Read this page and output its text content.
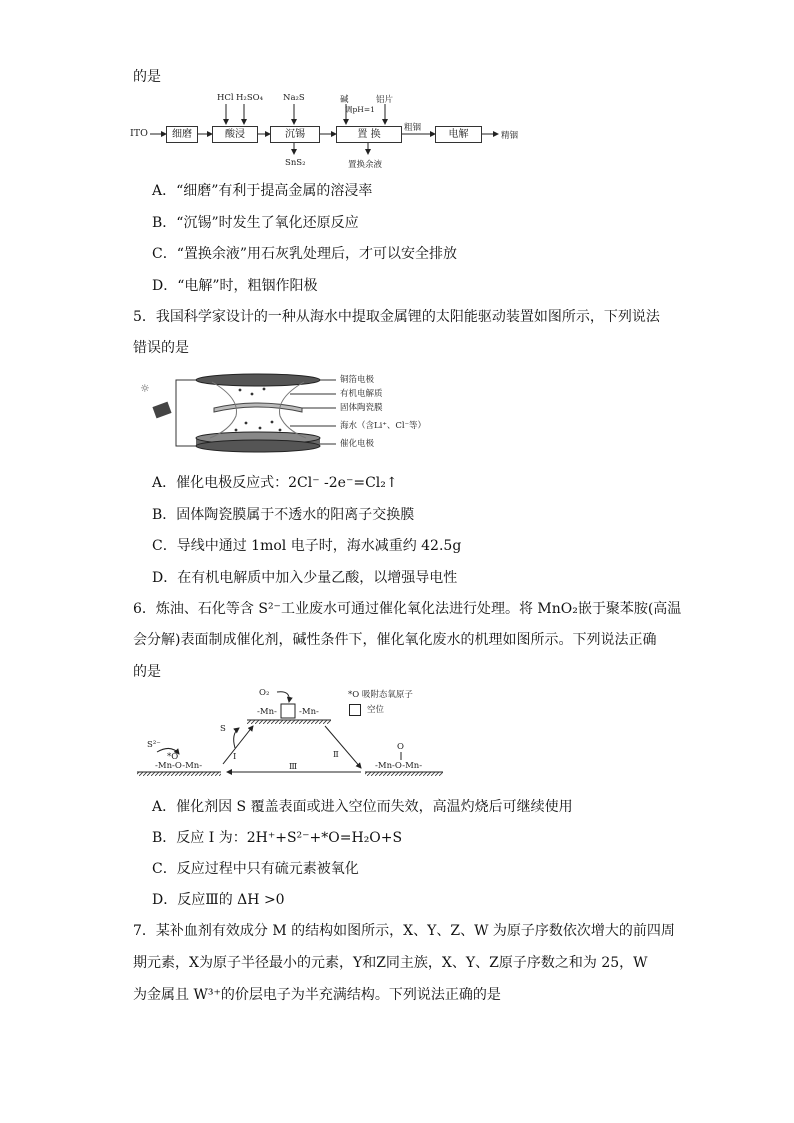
的是
ITO	细磨	酸浸	沉锡	置 换	电解
HCl H₂SO₄ Na₂S	碱
调pH=1
铝片
SnS₂	置换余液
粗铟
精铟
A．“细磨”有利于提高金属的溶浸率
B．“沉锡”时发生了氧化还原反应
C．“置换余液”用石灰乳处理后，才可以安全排放
D．“电解”时，粗铟作阳极
5．我国科学家设计的一种从海水中提取金属锂的太阳能驱动装置如图所示，下列说法
错误的是
☼
铜箔电极
有机电解质
固体陶瓷膜
海水（含Li⁺、Cl⁻等）
催化电极
A．催化电极反应式：2Cl⁻ -2e⁻=Cl₂↑
B．固体陶瓷膜属于不透水的阳离子交换膜
C．导线中通过 1mol 电子时，海水减重约 42.5g
D．在有机电解质中加入少量乙酸，以增强导电性
6．炼油、石化等含 S²⁻工业废水可通过催化氧化法进行处理。将 MnO₂嵌于聚苯胺(高温
会分解)表面制成催化剂，碱性条件下，催化氧化废水的机理如图所示。下列说法正确
的是
O₂
-Mn-	-Mn-
*O 吸附态氧原子
空位
S
S²⁻
*O
-Mn-O-Mn-	-Mn-O-Mn-
O
I	Ⅱ
Ⅲ
A．催化剂因 S 覆盖表面或进入空位而失效，高温灼烧后可继续使用
B．反应 I 为：2H⁺+S²⁻+*O=H₂O+S
C．反应过程中只有硫元素被氧化
D．反应Ⅲ的 ΔH >0
7．某补血剂有效成分 M 的结构如图所示，X、Y、Z、W 为原子序数依次增大的前四周
期元素，X为原子半径最小的元素，Y和Z同主族，X、Y、Z原子序数之和为 25，W
为金属且 W³⁺的价层电子为半充满结构。下列说法正确的是
